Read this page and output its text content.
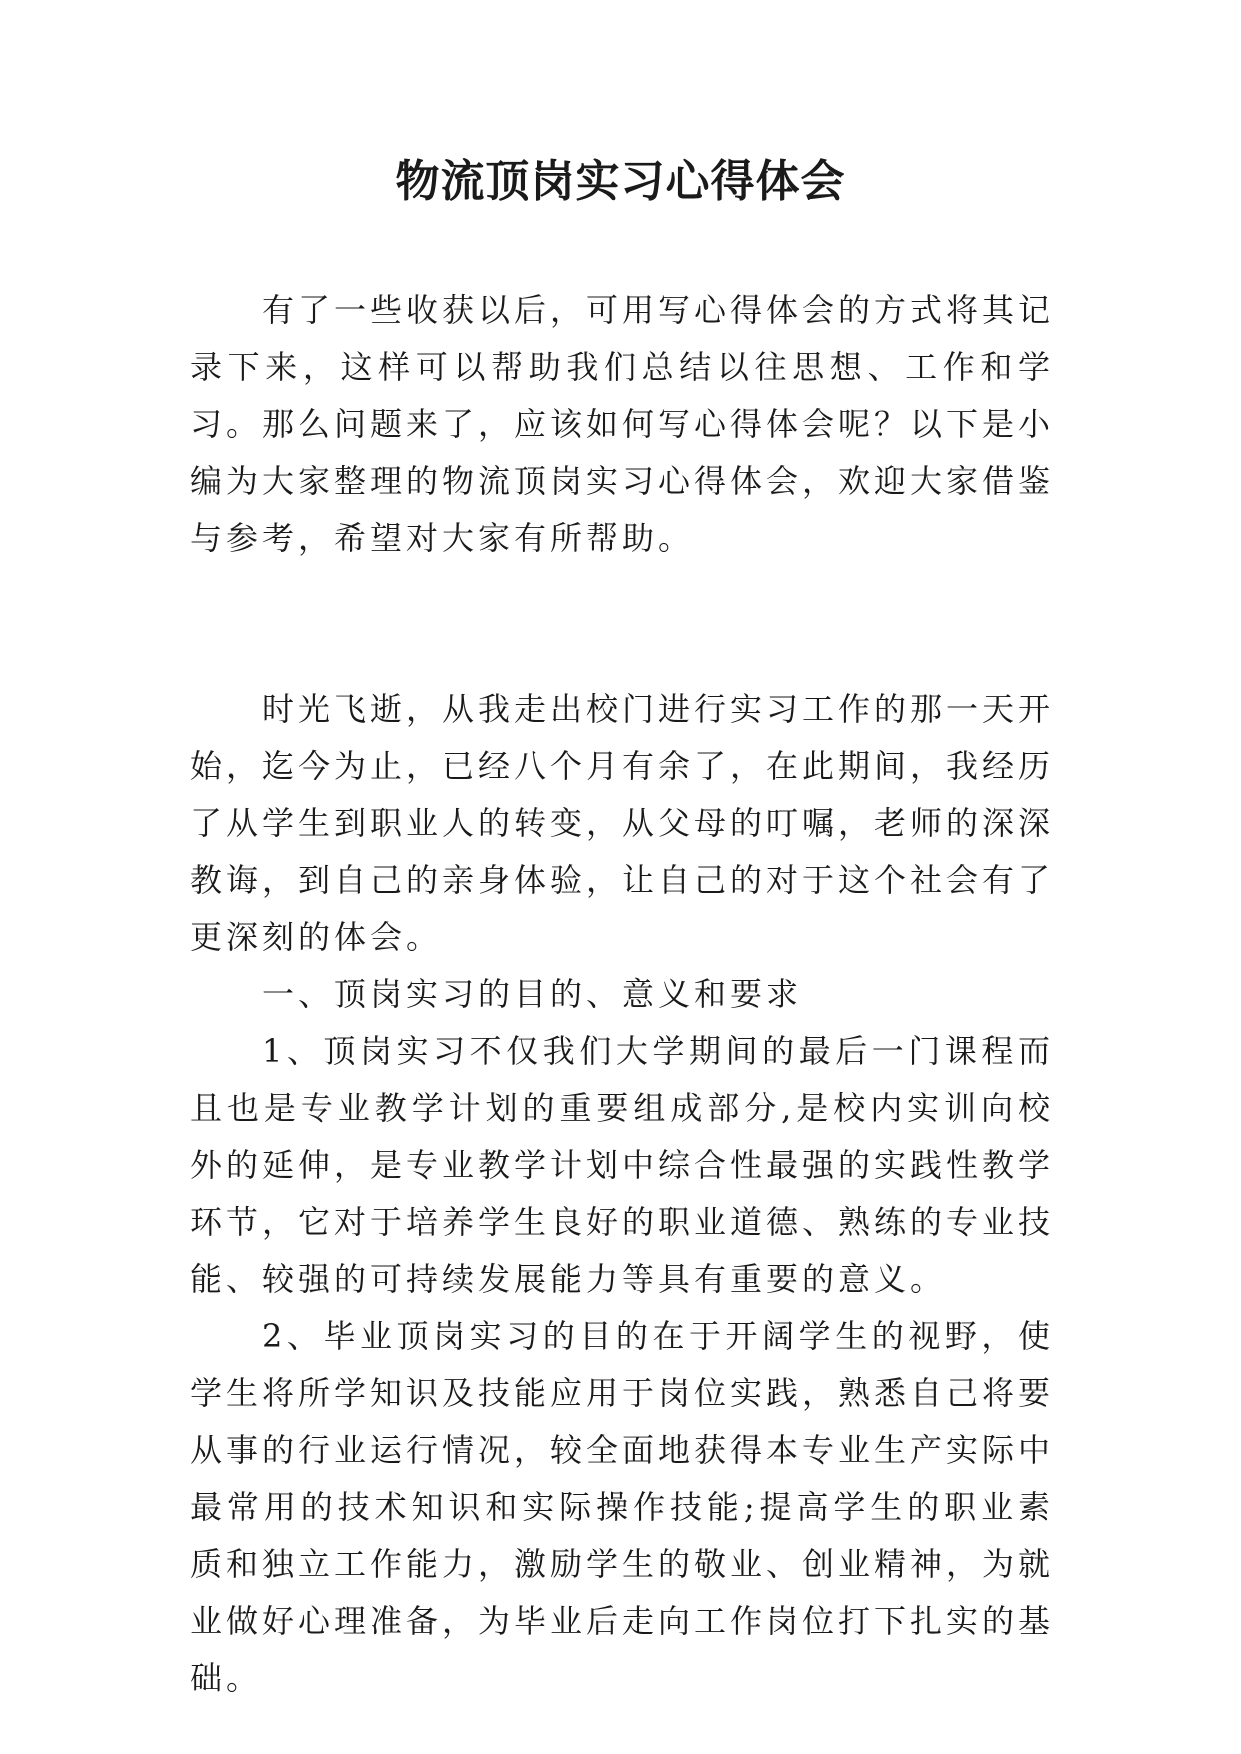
物流顶岗实习心得体会

有了一些收获以后，可用写心得体会的方式将其记录下来，这样可以帮助我们总结以往思想、工作和学习。那么问题来了，应该如何写心得体会呢？以下是小编为大家整理的物流顶岗实习心得体会，欢迎大家借鉴与参考，希望对大家有所帮助。

时光飞逝，从我走出校门进行实习工作的那一天开始，迄今为止，已经八个月有余了，在此期间，我经历了从学生到职业人的转变，从父母的叮嘱，老师的深深教诲，到自己的亲身体验，让自己的对于这个社会有了更深刻的体会。

一、顶岗实习的目的、意义和要求

1、顶岗实习不仅我们大学期间的最后一门课程而且也是专业教学计划的重要组成部分,是校内实训向校外的延伸，是专业教学计划中综合性最强的实践性教学环节，它对于培养学生良好的职业道德、熟练的专业技能、较强的可持续发展能力等具有重要的意义。

2、毕业顶岗实习的目的在于开阔学生的视野，使学生将所学知识及技能应用于岗位实践，熟悉自己将要从事的行业运行情况，较全面地获得本专业生产实际中最常用的技术知识和实际操作技能;提高学生的职业素质和独立工作能力，激励学生的敬业、创业精神，为就业做好心理准备，为毕业后走向工作岗位打下扎实的基础。
